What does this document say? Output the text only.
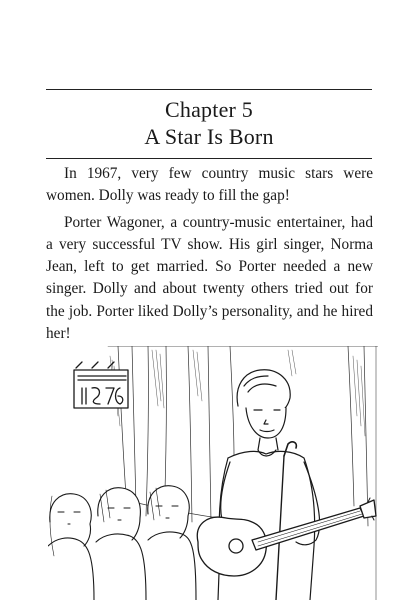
Chapter 5
A Star Is Born

In 1967, very few country music stars were women. Dolly was ready to fill the gap!

Porter Wagoner, a country-music entertainer, had a very successful TV show. His girl singer, Norma Jean, left to get married. So Porter needed a new singer. Dolly and about twenty others tried out for the job. Porter liked Dolly’s personality, and he hired her!
